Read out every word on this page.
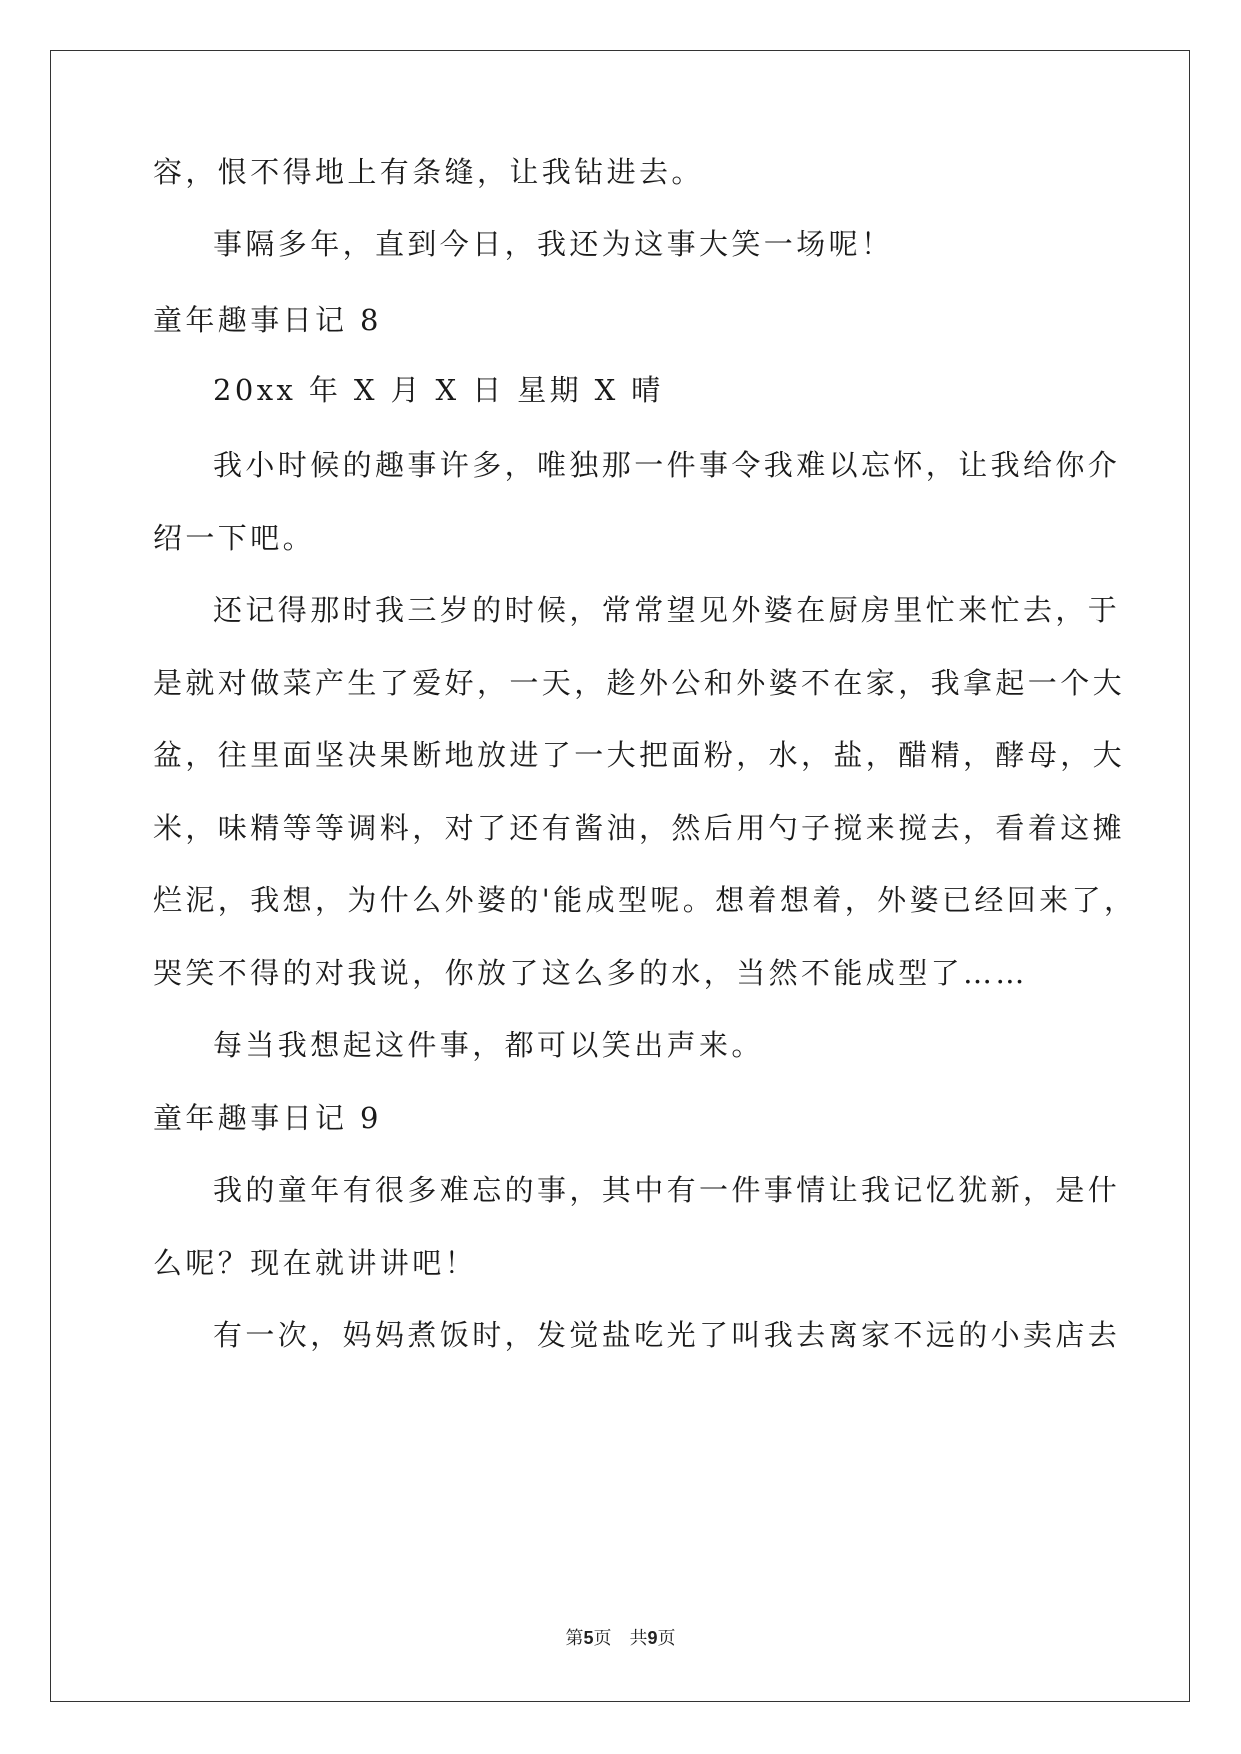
容，恨不得地上有条缝，让我钻进去。
事隔多年，直到今日，我还为这事大笑一场呢！
童年趣事日记 8
20xx 年 X 月 X 日 星期 X 晴
我小时候的趣事许多，唯独那一件事令我难以忘怀，让我给你介
绍一下吧。
还记得那时我三岁的时候，常常望见外婆在厨房里忙来忙去，于
是就对做菜产生了爱好，一天，趁外公和外婆不在家，我拿起一个大
盆，往里面坚决果断地放进了一大把面粉，水，盐，醋精，酵母，大
米，味精等等调料，对了还有酱油，然后用勺子搅来搅去，看着这摊
烂泥，我想，为什么外婆的'能成型呢。想着想着，外婆已经回来了，
哭笑不得的对我说，你放了这么多的水，当然不能成型了……
每当我想起这件事，都可以笑出声来。
童年趣事日记 9
我的童年有很多难忘的事，其中有一件事情让我记忆犹新，是什
么呢？现在就讲讲吧！
有一次，妈妈煮饭时，发觉盐吃光了叫我去离家不远的小卖店去
第5页 共9页
